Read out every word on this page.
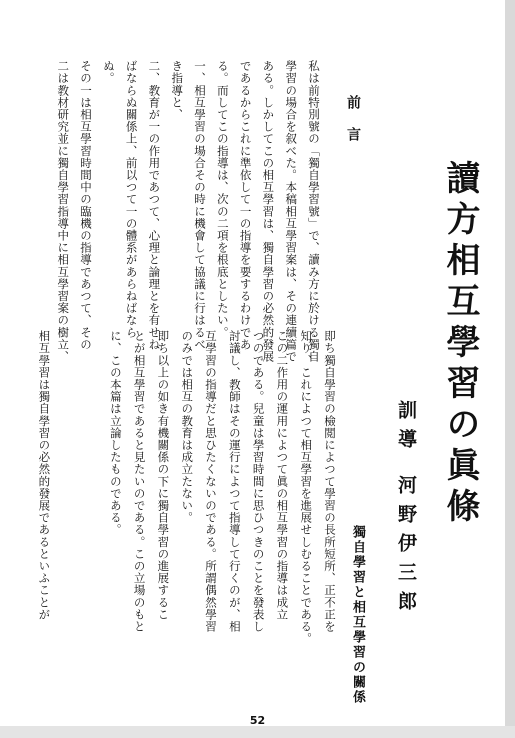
讀方相互學習の眞條
訓導 河野伊三郎
前言
獨自學習と相互學習の關係
私は前特別號の「獨自學習號」で、讀み方に於ける獨自
學習の場合を叙べた。本稿相互學習案は、その連續篇で
ある。しかしてこの相互學習は、獨自學習の必然的發展
であるからこれに準依して一の指導を要するわけであ
る。而してこの指導は、次の二項を根底としたい。
一、相互學習の場合その時に機會して協議に行はるべ
き指導と、
二、教育が一の作用であつて、心理と論理とを有せね
ばならぬ關係上、前以つて一の體系があらねばなら
ぬ。
その一は相互學習時間中の臨機の指導であつて、その
二は教材研究並に獨自學習指導中に相互學習案の樹立、
即ち獨自學習の檢閲によつて學習の長所短所、正不正を
知り、これによつて相互學習を進展せしむることである。
この二作用の運用によつて眞の相互學習の指導は成立
つのである。兒童は學習時間に思ひつきのことを發表し
討議し、教師はその運行によつて指導して行くのが、相
互學習の指導だと思ひたくないのである。所謂偶然學習
のみでは相互の教育は成立たない。
即ち以上の如き有機關係の下に獨自學習の進展するこ
とが相互學習であると見たいのである。この立場のもと
に、この本篇は立論したものである。
相互學習は獨自學習の必然的發展であるといふことが
52
